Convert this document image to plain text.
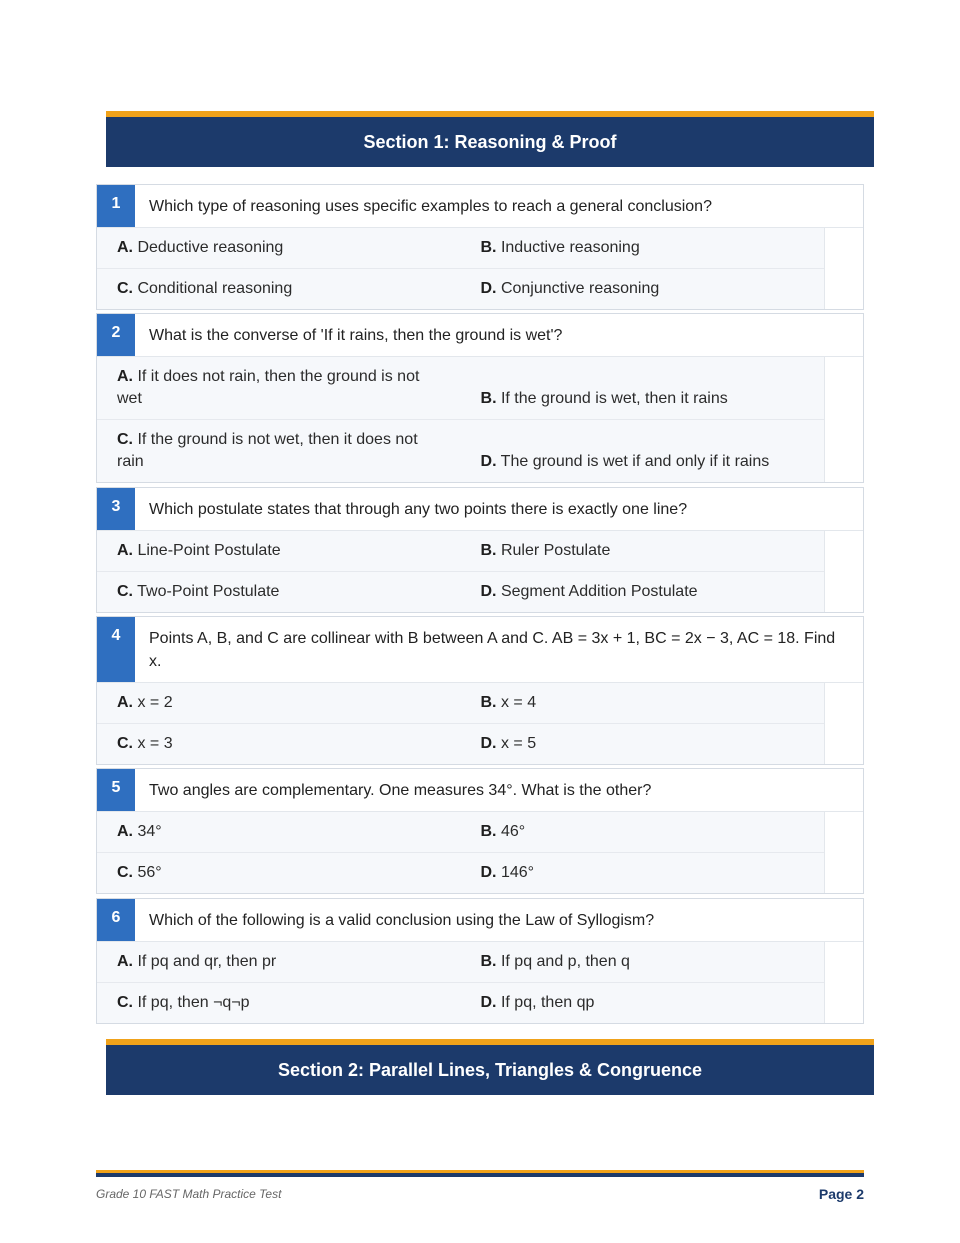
Section 1: Reasoning & Proof
1	Which type of reasoning uses specific examples to reach a general conclusion?
A. Deductive reasoning	B. Inductive reasoning
C. Conditional reasoning	D. Conjunctive reasoning
2	What is the converse of 'If it rains, then the ground is wet'?
A. If it does not rain, then the ground is not wet	B. If the ground is wet, then it rains
C. If the ground is not wet, then it does not rain	D. The ground is wet if and only if it rains
3	Which postulate states that through any two points there is exactly one line?
A. Line-Point Postulate	B. Ruler Postulate
C. Two-Point Postulate	D. Segment Addition Postulate
4	Points A, B, and C are collinear with B between A and C. AB = 3x + 1, BC = 2x − 3, AC = 18. Find x.
A. x = 2	B. x = 4
C. x = 3	D. x = 5
5	Two angles are complementary. One measures 34°. What is the other?
A. 34°	B. 46°
C. 56°	D. 146°
6	Which of the following is a valid conclusion using the Law of Syllogism?
A. If pq and qr, then pr	B. If pq and p, then q
C. If pq, then ¬q¬p	D. If pq, then qp
Section 2: Parallel Lines, Triangles & Congruence
Grade 10 FAST Math Practice Test	Page 2
